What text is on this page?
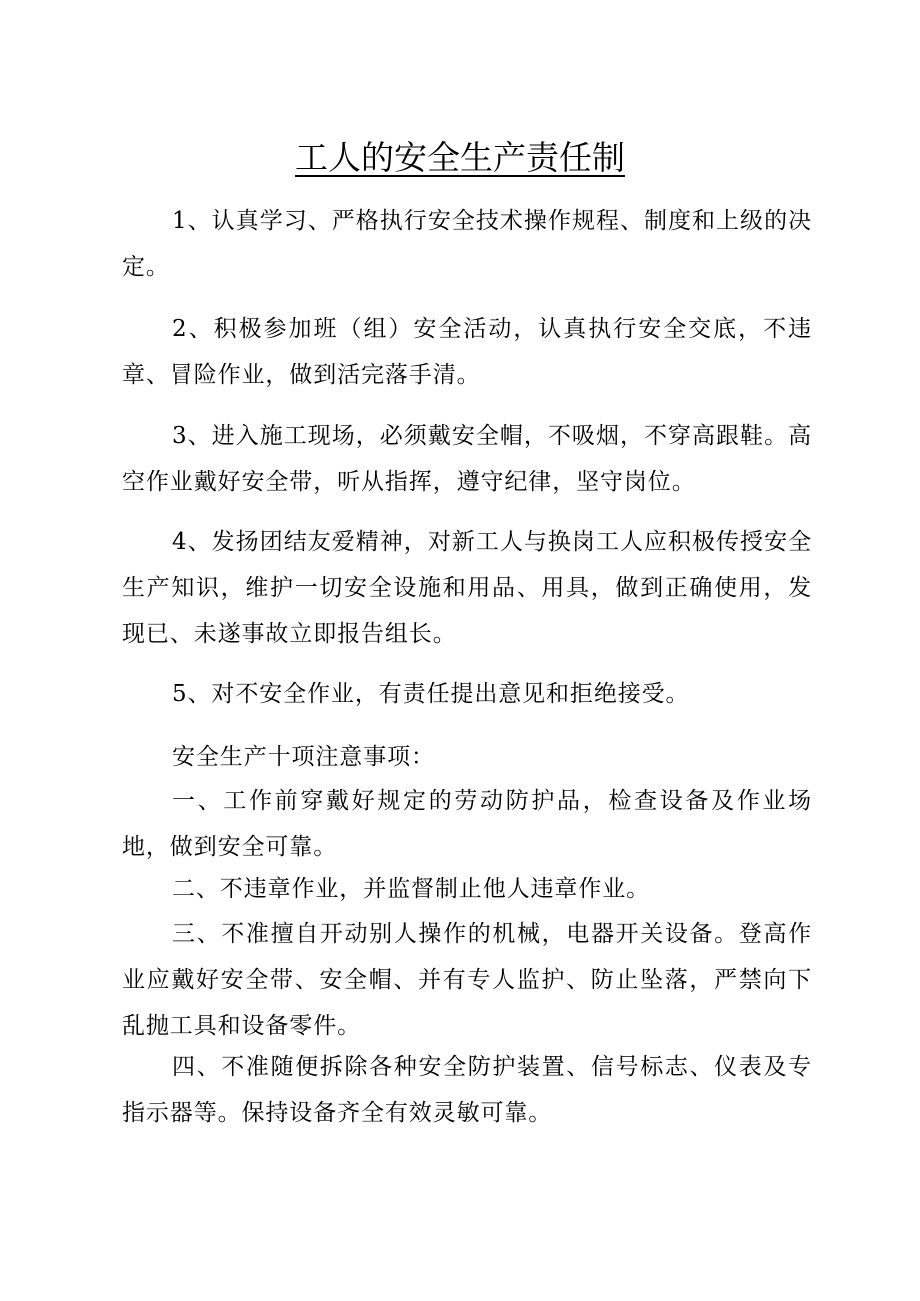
工人的安全生产责任制

1、认真学习、严格执行安全技术操作规程、制度和上级的决定。

2、积极参加班（组）安全活动，认真执行安全交底，不违章、冒险作业，做到活完落手清。

3、进入施工现场，必须戴安全帽，不吸烟，不穿高跟鞋。高空作业戴好安全带，听从指挥，遵守纪律，坚守岗位。

4、发扬团结友爱精神，对新工人与换岗工人应积极传授安全生产知识，维护一切安全设施和用品、用具，做到正确使用，发现已、未遂事故立即报告组长。

5、对不安全作业，有责任提出意见和拒绝接受。

安全生产十项注意事项：

一、工作前穿戴好规定的劳动防护品，检查设备及作业场地，做到安全可靠。

二、不违章作业，并监督制止他人违章作业。

三、不准擅自开动别人操作的机械，电器开关设备。登高作业应戴好安全带、安全帽、并有专人监护、防止坠落，严禁向下乱抛工具和设备零件。

四、不准随便拆除各种安全防护装置、信号标志、仪表及专指示器等。保持设备齐全有效灵敏可靠。
